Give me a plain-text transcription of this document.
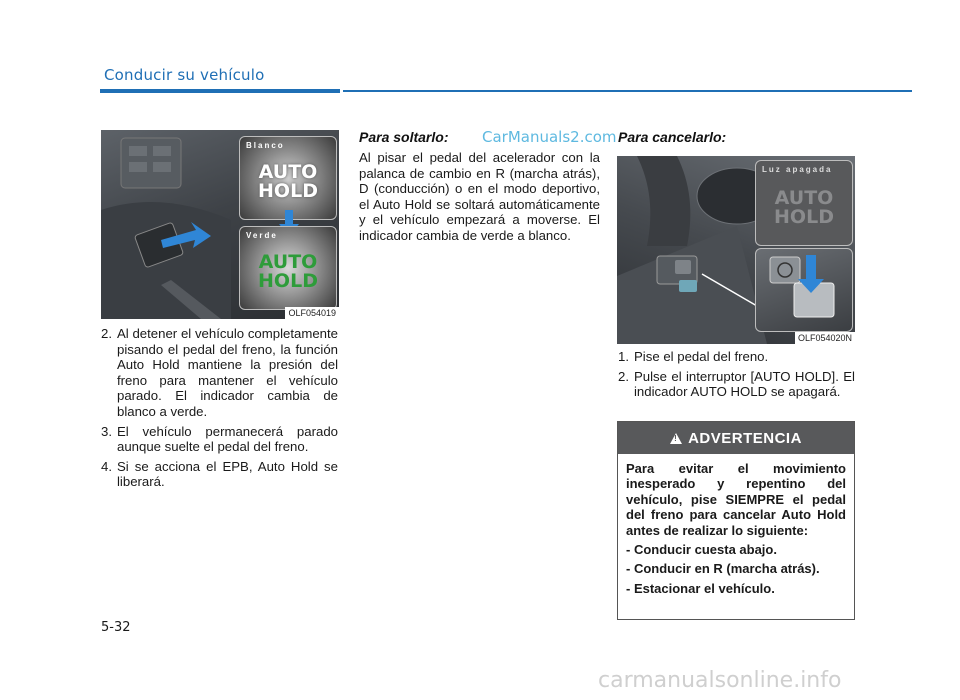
Conducir su vehículo
Blanco
AUTO
HOLD
Verde
AUTO
HOLD
OLF054019
2. Al detener el vehículo completamente pisando el pedal del freno, la función Auto Hold mantiene la presión del freno para mantener el vehículo parado. El indicador cambia de blanco a verde.
3. El vehículo permanecerá parado aunque suelte el pedal del freno.
4. Si se acciona el EPB, Auto Hold se liberará.
Para soltarlo: CarManuals2.com
Al pisar el pedal del acelerador con la palanca de cambio en R (marcha atrás), D (conducción) o en el modo deportivo, el Auto Hold se soltará automáticamente y el vehículo empezará a moverse. El indicador cambia de verde a blanco.
Para cancelarlo:
Luz apagada
AUTO
HOLD
OLF054020N
1. Pise el pedal del freno.
2. Pulse el interruptor [AUTO HOLD]. El indicador AUTO HOLD se apagará.
!
ADVERTENCIA

Para evitar el movimiento inesperado y repentino del vehículo, pise SIEMPRE el pedal del freno para cancelar Auto Hold antes de realizar lo siguiente:

- Conducir cuesta abajo.

- Conducir en R (marcha atrás).

- Estacionar el vehículo.

5-32
carmanualsonline.info
